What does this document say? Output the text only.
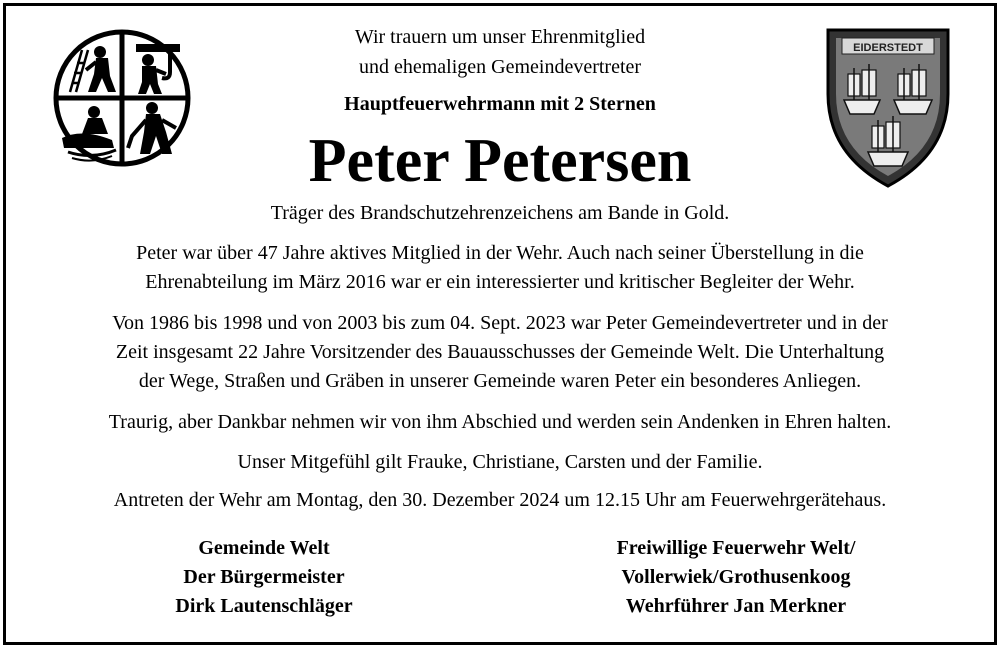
EIDERSTEDT
Wir trauern um unser Ehrenmitglied
und ehemaligen Gemeindevertreter
Hauptfeuerwehrmann mit 2 Sternen
Peter Petersen
Träger des Brandschutzehrenzeichens am Bande in Gold.
Peter war über 47 Jahre aktives Mitglied in der Wehr. Auch nach seiner Überstellung in die
Ehrenabteilung im März 2016 war er ein interessierter und kritischer Begleiter der Wehr.
Von 1986 bis 1998 und von 2003 bis zum 04. Sept. 2023 war Peter Gemeindevertreter und in der
Zeit insgesamt 22 Jahre Vorsitzender des Bauausschusses der Gemeinde Welt. Die Unterhaltung
der Wege, Straßen und Gräben in unserer Gemeinde waren Peter ein besonderes Anliegen.
Traurig, aber Dankbar nehmen wir von ihm Abschied und werden sein Andenken in Ehren halten.
Unser Mitgefühl gilt Frauke, Christiane, Carsten und der Familie.
Antreten der Wehr am Montag, den 30. Dezember 2024 um 12.15 Uhr am Feuerwehrgerätehaus.
Gemeinde Welt
Der Bürgermeister
Dirk Lautenschläger
Freiwillige Feuerwehr Welt/
Vollerwiek/Grothusenkoog
Wehrführer Jan Merkner
